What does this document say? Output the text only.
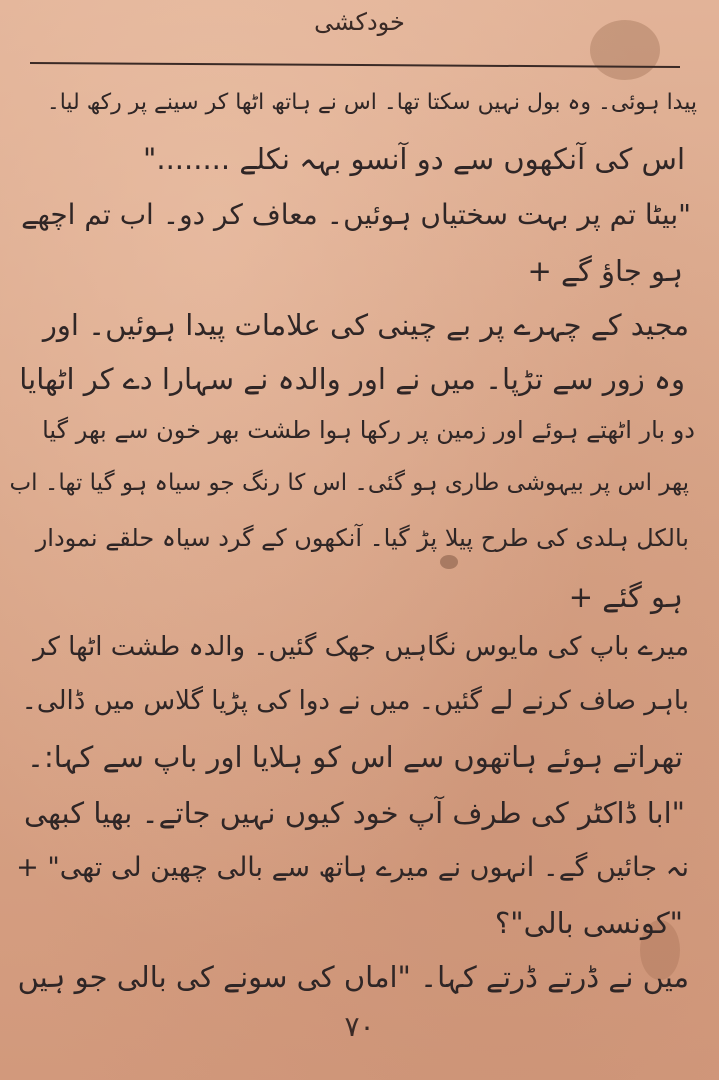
خودکشی
پیدا ہوئی۔ وہ بول نہیں سکتا تھا۔ اس نے ہاتھ اٹھا کر سینے پر رکھ لیا۔
اس کی آنکھوں سے دو آنسو بہہ نکلے ........"
"بیٹا تم پر بہت سختیاں ہوئیں۔ معاف کر دو۔ اب تم اچھے
ہو جاؤ گے +
مجید کے چہرے پر بے چینی کی علامات پیدا ہوئیں۔ اور
وہ زور سے تڑپا۔ میں نے اور والدہ نے سہارا دے کر اٹھایا
دو بار اٹھتے ہوئے اور زمین پر رکھا ہوا طشت بھر خون سے بھر گیا
پھر اس پر بیہوشی طاری ہو گئی۔ اس کا رنگ جو سیاہ ہو گیا تھا۔ اب
بالکل ہلدی کی طرح پیلا پڑ گیا۔ آنکھوں کے گرد سیاہ حلقے نمودار
ہو گئے +
میرے باپ کی مایوس نگاہیں جھک گئیں۔ والدہ طشت اٹھا کر
باہر صاف کرنے لے گئیں۔ میں نے دوا کی پڑیا گلاس میں ڈالی۔
تھراتے ہوئے ہاتھوں سے اس کو ہلایا اور باپ سے کہا:۔
"ابا ڈاکٹر کی طرف آپ خود کیوں نہیں جاتے۔ بھیا کبھی
نہ جائیں گے۔ انہوں نے میرے ہاتھ سے بالی چھین لی تھی" +
"کونسی بالی"؟
میں نے ڈرتے ڈرتے کہا۔ "اماں کی سونے کی بالی جو ہیں
۷۰
